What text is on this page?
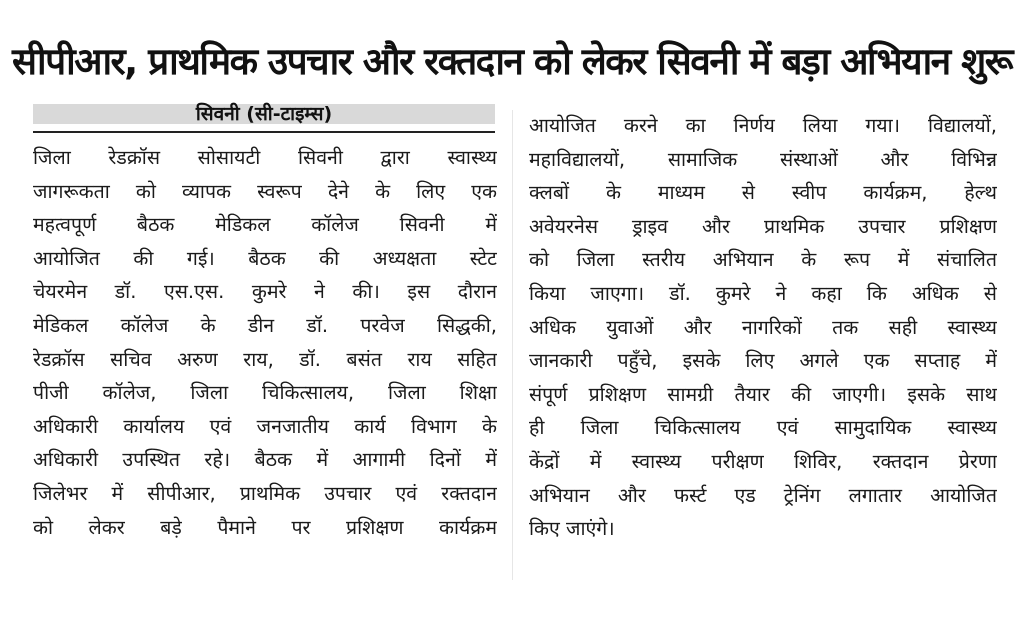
सीपीआर, प्राथमिक उपचार और रक्तदान को लेकर सिवनी में बड़ा अभियान शुरू
सिवनी (सी-टाइम्स)
जिला रेडक्रॉस सोसायटी सिवनी द्वारा स्वास्थ्य
जागरूकता को व्यापक स्वरूप देने के लिए एक
महत्वपूर्ण बैठक मेडिकल कॉलेज सिवनी में
आयोजित की गई। बैठक की अध्यक्षता स्टेट
चेयरमेन डॉ. एस.एस. कुमरे ने की। इस दौरान
मेडिकल कॉलेज के डीन डॉ. परवेज सिद्धकी,
रेडक्रॉस सचिव अरुण राय, डॉ. बसंत राय सहित
पीजी कॉलेज, जिला चिकित्सालय, जिला शिक्षा
अधिकारी कार्यालय एवं जनजातीय कार्य विभाग के
अधिकारी उपस्थित रहे। बैठक में आगामी दिनों में
जिलेभर में सीपीआर, प्राथमिक उपचार एवं रक्तदान
को लेकर बड़े पैमाने पर प्रशिक्षण कार्यक्रम
आयोजित करने का निर्णय लिया गया। विद्यालयों,
महाविद्यालयों, सामाजिक संस्थाओं और विभिन्न
क्लबों के माध्यम से स्वीप कार्यक्रम, हेल्थ
अवेयरनेस ड्राइव और प्राथमिक उपचार प्रशिक्षण
को जिला स्तरीय अभियान के रूप में संचालित
किया जाएगा। डॉ. कुमरे ने कहा कि अधिक से
अधिक युवाओं और नागरिकों तक सही स्वास्थ्य
जानकारी पहुँचे, इसके लिए अगले एक सप्ताह में
संपूर्ण प्रशिक्षण सामग्री तैयार की जाएगी। इसके साथ
ही जिला चिकित्सालय एवं सामुदायिक स्वास्थ्य
केंद्रों में स्वास्थ्य परीक्षण शिविर, रक्तदान प्रेरणा
अभियान और फर्स्ट एड ट्रेनिंग लगातार आयोजित
किए जाएंगे।
